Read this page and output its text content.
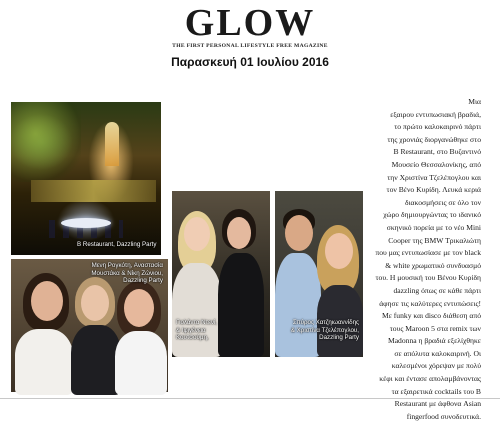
GLOW
THE FIRST PERSONAL LIFESTYLE FREE MAGAZINE
Παρασκευή 01 Ιουλίου 2016
B Restaurant, Dazzling Party
Μενη Ρογκότη, Αναστασία
Μουστάκα & Νίκη Ζώνιου,
Dazzling Party
Γιολάντα Ντενί,
& Ιφιγένεια
Κουτσούμη,
Σπύρος Χατζηιωαννίδης
& Χριστίνα Τζελέπογλου,
Dazzling Party
Μια
εξαιρου εντυπωσιακή βραδιά,
το πρώτο καλοκαιρινό πάρτι
της χρονιάς διοργανώθηκε στο
B Restaurant, στο Βυζαντινό
Μουσείο Θεσσαλονίκης, από
την Χριστίνα Τζελέπογλου και
τον Βένο Κυρίδη. Λευκά κεριά
διακοσμήσεις σε όλο τον
χώρο δημιουργώντας το ιδανικό
σκηνικό πορεία με το νέο Mini
Cooper της BMW Τρικαλιώτη
που μας εντυπωσίασε με τον black
& white χρωματικό συνδυασμό
του. Η μουσική του Βένου Κυρίδη
dazzling όπως σε κάθε πάρτι
άφησε τις καλύτερες εντυπώσεις!
Με funky και disco διάθεση από
τους Maroon 5 στα remix των
Madonna η βραδιά εξελίχθηκε
σε απόλυτα καλοκαιρινή. Οι
καλεσμένοι χόρεψαν με πολύ
κέφι και έντασε απολαμβάνοντας
τα εξαιρετικά cocktails του B
Restaurant με άφθονα Asian
fingerfood συνοδευτικά.
